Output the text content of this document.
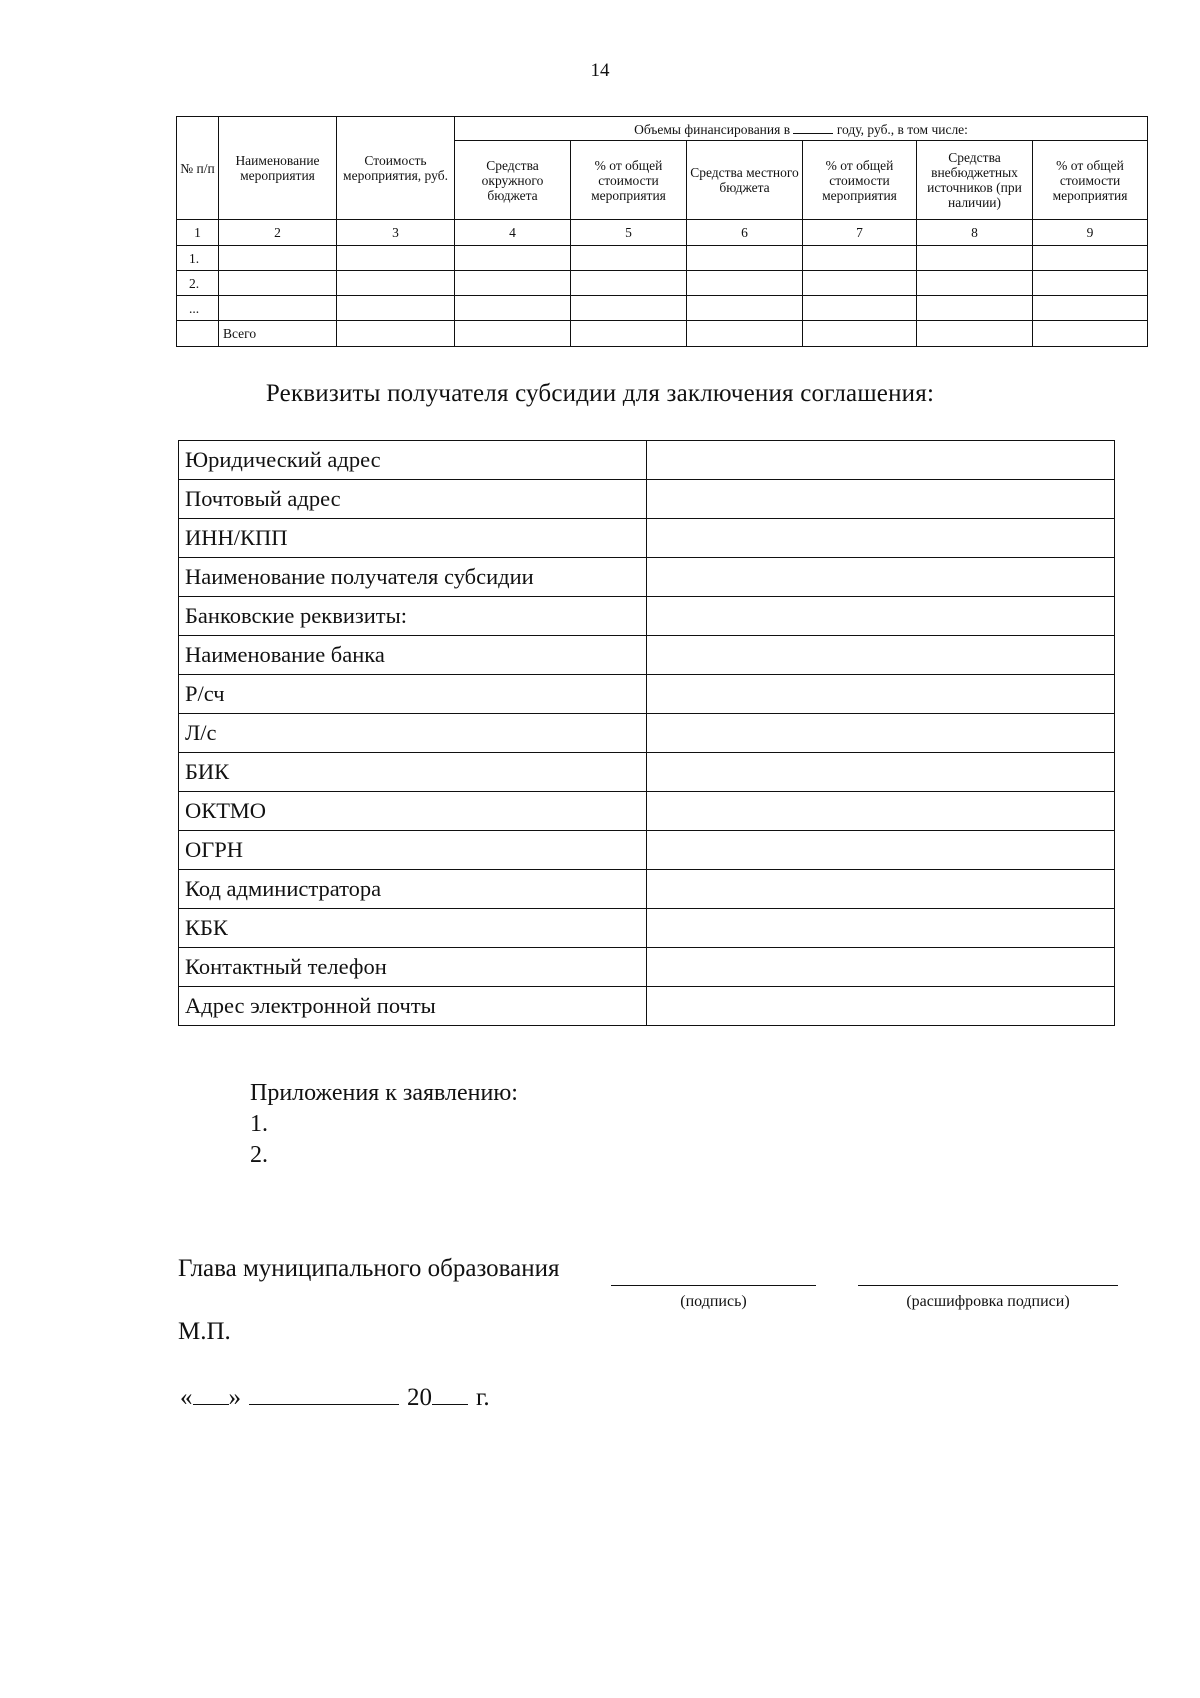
14
№ п/п	Наименование мероприятия	Стоимость мероприятия, руб.	Объемы финансирования в году, руб., в том числе:					
			Средства окружного бюджета	% от общей стоимости мероприятия	Средства местного бюджета	% от общей стоимости мероприятия	Средства внебюджетных источников (при наличии)	% от общей стоимости мероприятия
1	2	3	4	5	6	7	8	9
1.								
2.								
...								
	Всего							
Реквизиты получателя субсидии для заключения соглашения:
Юридический адрес	
Почтовый адрес	
ИНН/КПП	
Наименование получателя субсидии	
Банковские реквизиты:	
Наименование банка	
Р/сч	
Л/с	
БИК	
ОКТМО	
ОГРН	
Код администратора	
КБК	
Контактный телефон	
Адрес электронной почты	
Приложения к заявлению:
1.
2.
Глава муниципального образования
(подпись)	(расшифровка подписи)
М.П.
« »	20 г.
